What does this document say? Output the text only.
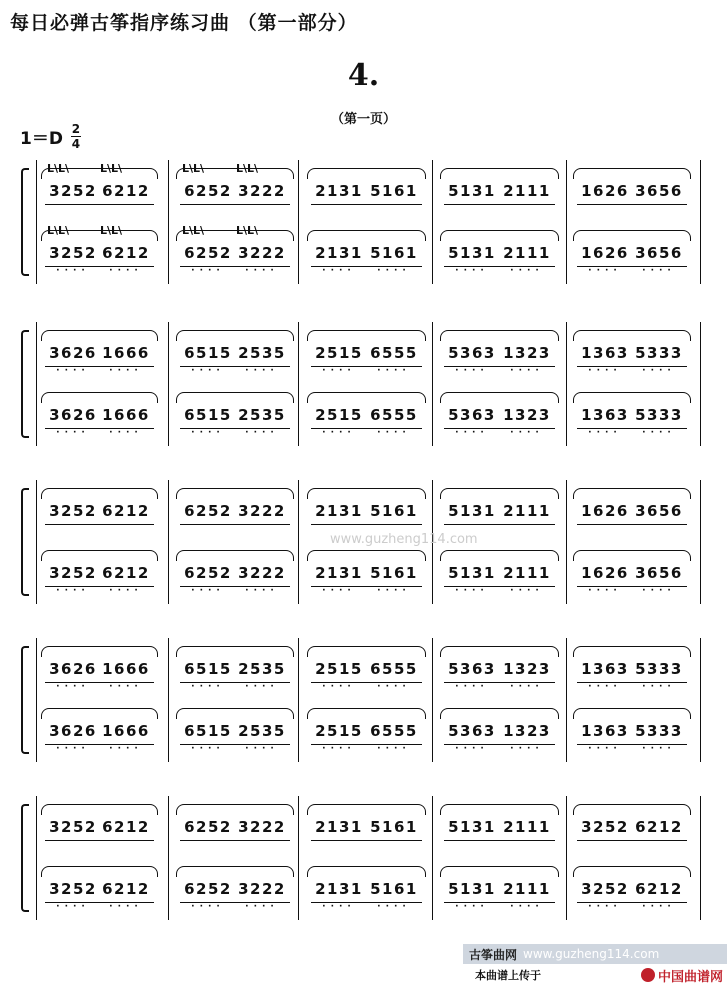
每日必弹古筝指序练习曲 （第一部分）
4.
（第一页）
1＝D 2
4
3252 6212 6252 3222 2131 5161 5131 2111 1626 3656
L\L\	L\L\	L\L\	L\L\
3252
····
6212
····
6252
····
3222
····
2131
····
5161
····
5131
····
2111
····
1626
····
3656
····
L\L\	L\L\	L\L\	L\L\
3626
····
1666
····
6515
····
2535
····
2515
····
6555
····
5363
····
1323
····
1363
····
5333
····
3626
····
1666
····
6515
····
2535
····
2515
····
6555
····
5363
····
1323
····
1363
····
5333
····
3252 6212 6252 3222 2131 5161 5131 2111 1626 3656
3252
····
6212
····
6252
····
3222
····
2131
····
5161
····
5131
····
2111
····
1626
····
3656
····
3626
····
1666
····
6515
····
2535
····
2515
····
6555
····
5363
····
1323
····
1363
····
5333
····
3626
····
1666
····
6515
····
2535
····
2515
····
6555
····
5363
····
1323
····
1363
····
5333
····
3252 6212 6252 3222 2131 5161 5131 2111 3252 6212
3252
····
6212
····
6252
····
3222
····
2131
····
5161
····
5131
····
2111
····
3252
····
6212
····
www.guzheng114.com
古筝曲网 www.guzheng114.com
本曲谱上传于	中国曲谱网
